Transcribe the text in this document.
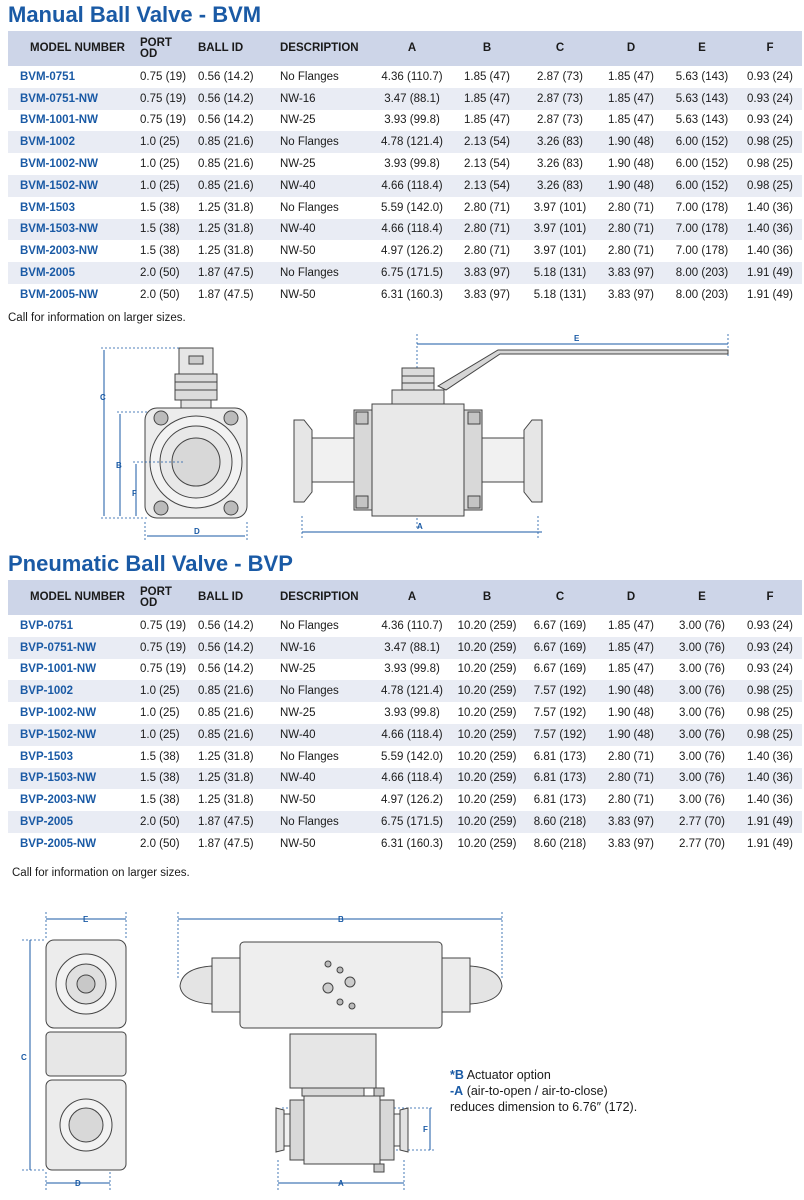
Manual Ball Valve - BVM
MODEL NUMBER	PORT OD	BALL ID	DESCRIPTION	A	B	C	D	E	F
BVM-0751	0.75 (19)	0.56 (14.2)	No Flanges	4.36 (110.7)	1.85 (47)	2.87 (73)	1.85 (47)	5.63 (143)	0.93 (24)
BVM-0751-NW	0.75 (19)	0.56 (14.2)	NW-16	3.47 (88.1)	1.85 (47)	2.87 (73)	1.85 (47)	5.63 (143)	0.93 (24)
BVM-1001-NW	0.75 (19)	0.56 (14.2)	NW-25	3.93 (99.8)	1.85 (47)	2.87 (73)	1.85 (47)	5.63 (143)	0.93 (24)
BVM-1002	1.0 (25)	0.85 (21.6)	No Flanges	4.78 (121.4)	2.13 (54)	3.26 (83)	1.90 (48)	6.00 (152)	0.98 (25)
BVM-1002-NW	1.0 (25)	0.85 (21.6)	NW-25	3.93 (99.8)	2.13 (54)	3.26 (83)	1.90 (48)	6.00 (152)	0.98 (25)
BVM-1502-NW	1.0 (25)	0.85 (21.6)	NW-40	4.66 (118.4)	2.13 (54)	3.26 (83)	1.90 (48)	6.00 (152)	0.98 (25)
BVM-1503	1.5 (38)	1.25 (31.8)	No Flanges	5.59 (142.0)	2.80 (71)	3.97 (101)	2.80 (71)	7.00 (178)	1.40 (36)
BVM-1503-NW	1.5 (38)	1.25 (31.8)	NW-40	4.66 (118.4)	2.80 (71)	3.97 (101)	2.80 (71)	7.00 (178)	1.40 (36)
BVM-2003-NW	1.5 (38)	1.25 (31.8)	NW-50	4.97 (126.2)	2.80 (71)	3.97 (101)	2.80 (71)	7.00 (178)	1.40 (36)
BVM-2005	2.0 (50)	1.87 (47.5)	No Flanges	6.75 (171.5)	3.83 (97)	5.18 (131)	3.83 (97)	8.00 (203)	1.91 (49)
BVM-2005-NW	2.0 (50)	1.87 (47.5)	NW-50	6.31 (160.3)	3.83 (97)	5.18 (131)	3.83 (97)	8.00 (203)	1.91 (49)
Call for information on larger sizes.
C
B
F
D
E
A
Pneumatic Ball Valve - BVP
MODEL NUMBER	PORT OD	BALL ID	DESCRIPTION	A	B	C	D	E	F
BVP-0751	0.75 (19)	0.56 (14.2)	No Flanges	4.36 (110.7)	10.20 (259)	6.67 (169)	1.85 (47)	3.00 (76)	0.93 (24)
BVP-0751-NW	0.75 (19)	0.56 (14.2)	NW-16	3.47 (88.1)	10.20 (259)	6.67 (169)	1.85 (47)	3.00 (76)	0.93 (24)
BVP-1001-NW	0.75 (19)	0.56 (14.2)	NW-25	3.93 (99.8)	10.20 (259)	6.67 (169)	1.85 (47)	3.00 (76)	0.93 (24)
BVP-1002	1.0 (25)	0.85 (21.6)	No Flanges	4.78 (121.4)	10.20 (259)	7.57 (192)	1.90 (48)	3.00 (76)	0.98 (25)
BVP-1002-NW	1.0 (25)	0.85 (21.6)	NW-25	3.93 (99.8)	10.20 (259)	7.57 (192)	1.90 (48)	3.00 (76)	0.98 (25)
BVP-1502-NW	1.0 (25)	0.85 (21.6)	NW-40	4.66 (118.4)	10.20 (259)	7.57 (192)	1.90 (48)	3.00 (76)	0.98 (25)
BVP-1503	1.5 (38)	1.25 (31.8)	No Flanges	5.59 (142.0)	10.20 (259)	6.81 (173)	2.80 (71)	3.00 (76)	1.40 (36)
BVP-1503-NW	1.5 (38)	1.25 (31.8)	NW-40	4.66 (118.4)	10.20 (259)	6.81 (173)	2.80 (71)	3.00 (76)	1.40 (36)
BVP-2003-NW	1.5 (38)	1.25 (31.8)	NW-50	4.97 (126.2)	10.20 (259)	6.81 (173)	2.80 (71)	3.00 (76)	1.40 (36)
BVP-2005	2.0 (50)	1.87 (47.5)	No Flanges	6.75 (171.5)	10.20 (259)	8.60 (218)	3.83 (97)	2.77 (70)	1.91 (49)
BVP-2005-NW	2.0 (50)	1.87 (47.5)	NW-50	6.31 (160.3)	10.20 (259)	8.60 (218)	3.83 (97)	2.77 (70)	1.91 (49)
Call for information on larger sizes.
E
C
D
B
A
F
*B Actuator option
-A (air-to-open / air-to-close)
reduces dimension to 6.76″ (172).
